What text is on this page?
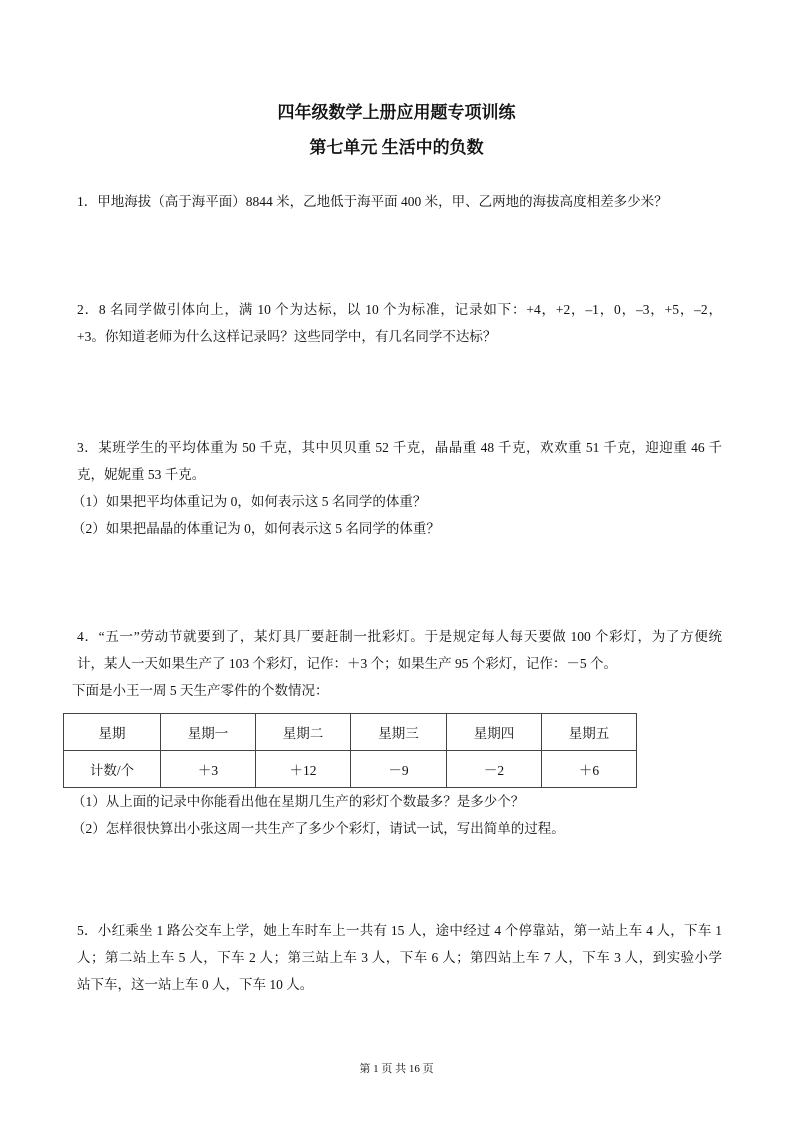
四年级数学上册应用题专项训练
第七单元 生活中的负数
1．甲地海拔（高于海平面）8844 米，乙地低于海平面 400 米，甲、乙两地的海拔高度相差多少米？
2．8 名同学做引体向上，满 10 个为达标，以 10 个为标准，记录如下：+4，+2，–1，0，–3，+5，–2，
+3。你知道老师为什么这样记录吗？这些同学中，有几名同学不达标？
3．某班学生的平均体重为 50 千克，其中贝贝重 52 千克，晶晶重 48 千克，欢欢重 51 千克，迎迎重 46 千
克，妮妮重 53 千克。
（1）如果把平均体重记为 0，如何表示这 5 名同学的体重？
（2）如果把晶晶的体重记为 0，如何表示这 5 名同学的体重？
4．“五一”劳动节就要到了，某灯具厂要赶制一批彩灯。于是规定每人每天要做 100 个彩灯，为了方便统
计，某人一天如果生产了 103 个彩灯，记作：＋3 个；如果生产 95 个彩灯，记作：－5 个。
下面是小王一周 5 天生产零件的个数情况：
星期	星期一	星期二	星期三	星期四	星期五
计数/个	＋3	＋12	－9	－2	＋6
（1）从上面的记录中你能看出他在星期几生产的彩灯个数最多？是多少个？
（2）怎样很快算出小张这周一共生产了多少个彩灯，请试一试，写出简单的过程。
5．小红乘坐 1 路公交车上学，她上车时车上一共有 15 人，途中经过 4 个停靠站，第一站上车 4 人，下车 1
人；第二站上车 5 人，下车 2 人；第三站上车 3 人，下车 6 人；第四站上车 7 人，下车 3 人，到实验小学
站下车，这一站上车 0 人，下车 10 人。
第 1 页 共 16 页
